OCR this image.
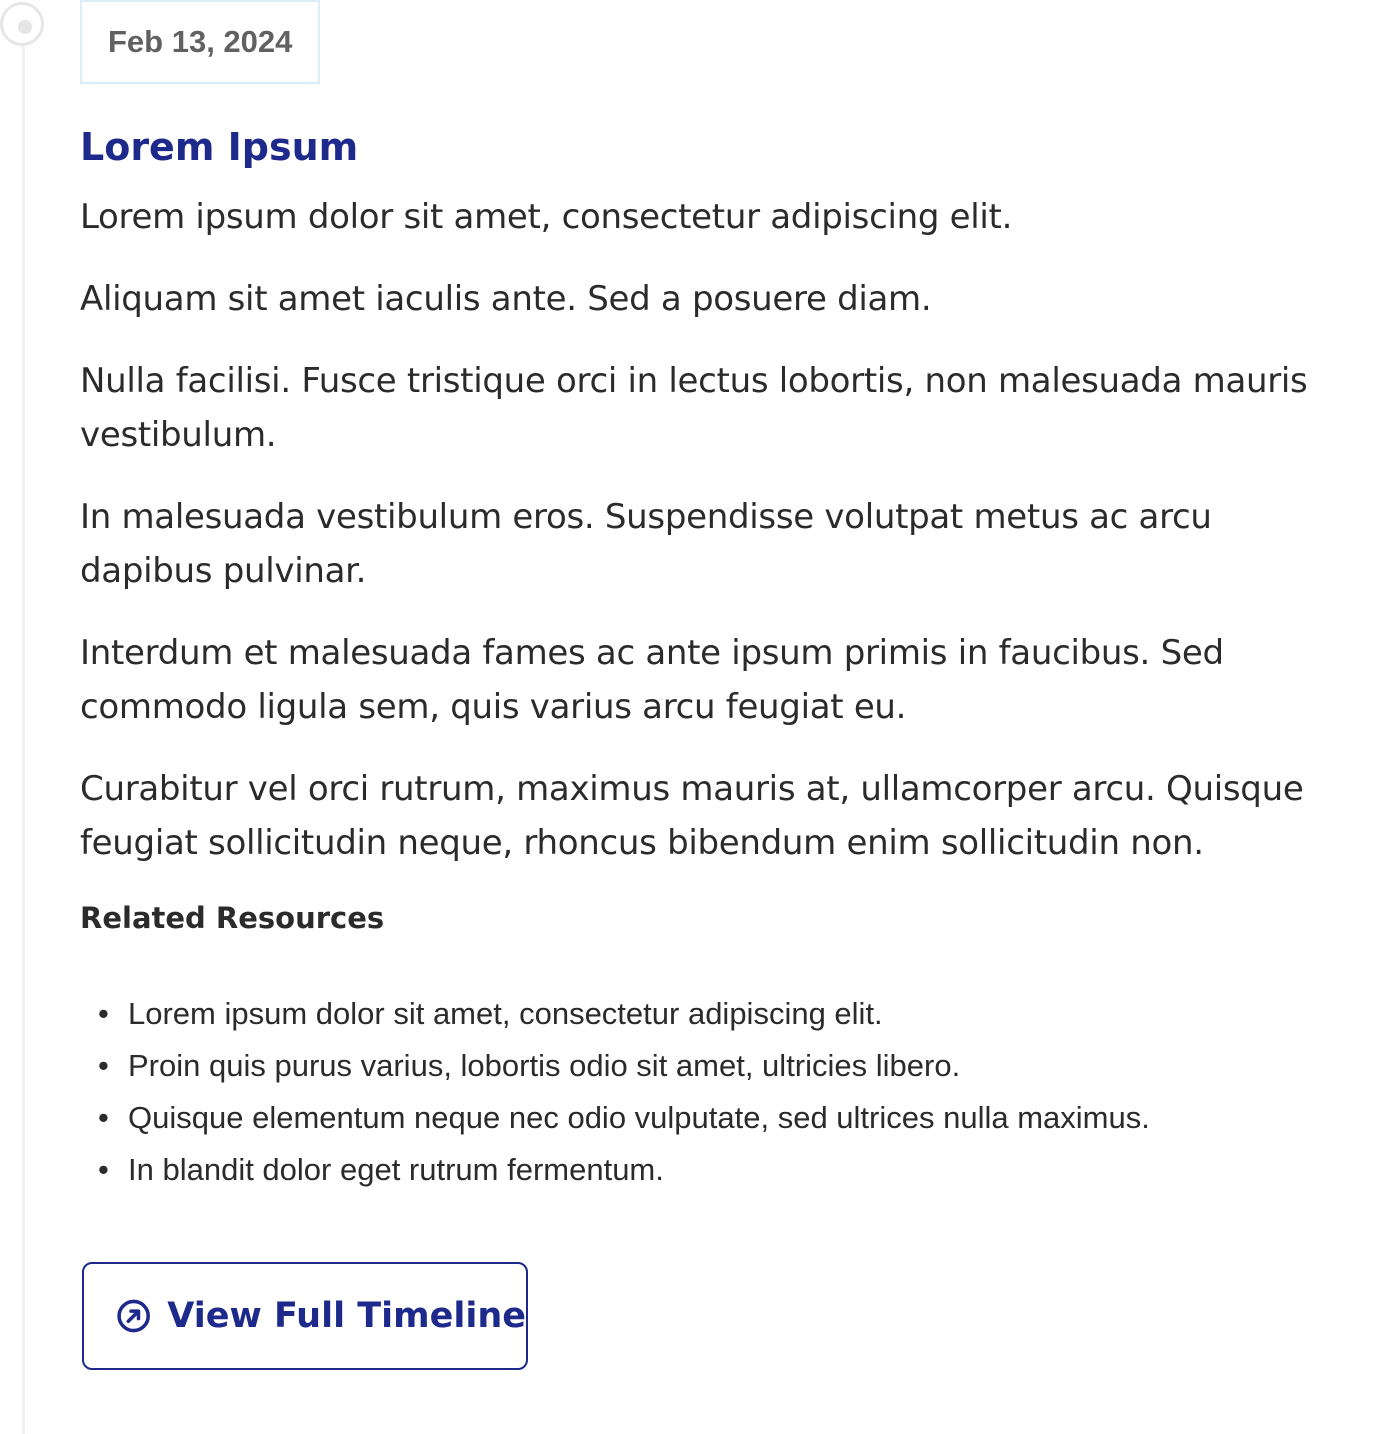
Feb 13, 2024
Lorem Ipsum

Lorem ipsum dolor sit amet, consectetur adipiscing elit.

Aliquam sit amet iaculis ante. Sed a posuere diam.

Nulla facilisi. Fusce tristique orci in lectus lobortis, non malesuada mauris vestibulum.

In malesuada vestibulum eros. Suspendisse volutpat metus ac arcu dapibus pulvinar.

Interdum et malesuada fames ac ante ipsum primis in faucibus. Sed commodo ligula sem, quis varius arcu feugiat eu.

Curabitur vel orci rutrum, maximus mauris at, ullamcorper arcu. Quisque feugiat sollicitudin neque, rhoncus bibendum enim sollicitudin non.

Related Resources
• Lorem ipsum dolor sit amet, consectetur adipiscing elit.
• Proin quis purus varius, lobortis odio sit amet, ultricies libero.
• Quisque elementum neque nec odio vulputate, sed ultrices nulla maximus.
• In blandit dolor eget rutrum fermentum.
View Full Timeline
